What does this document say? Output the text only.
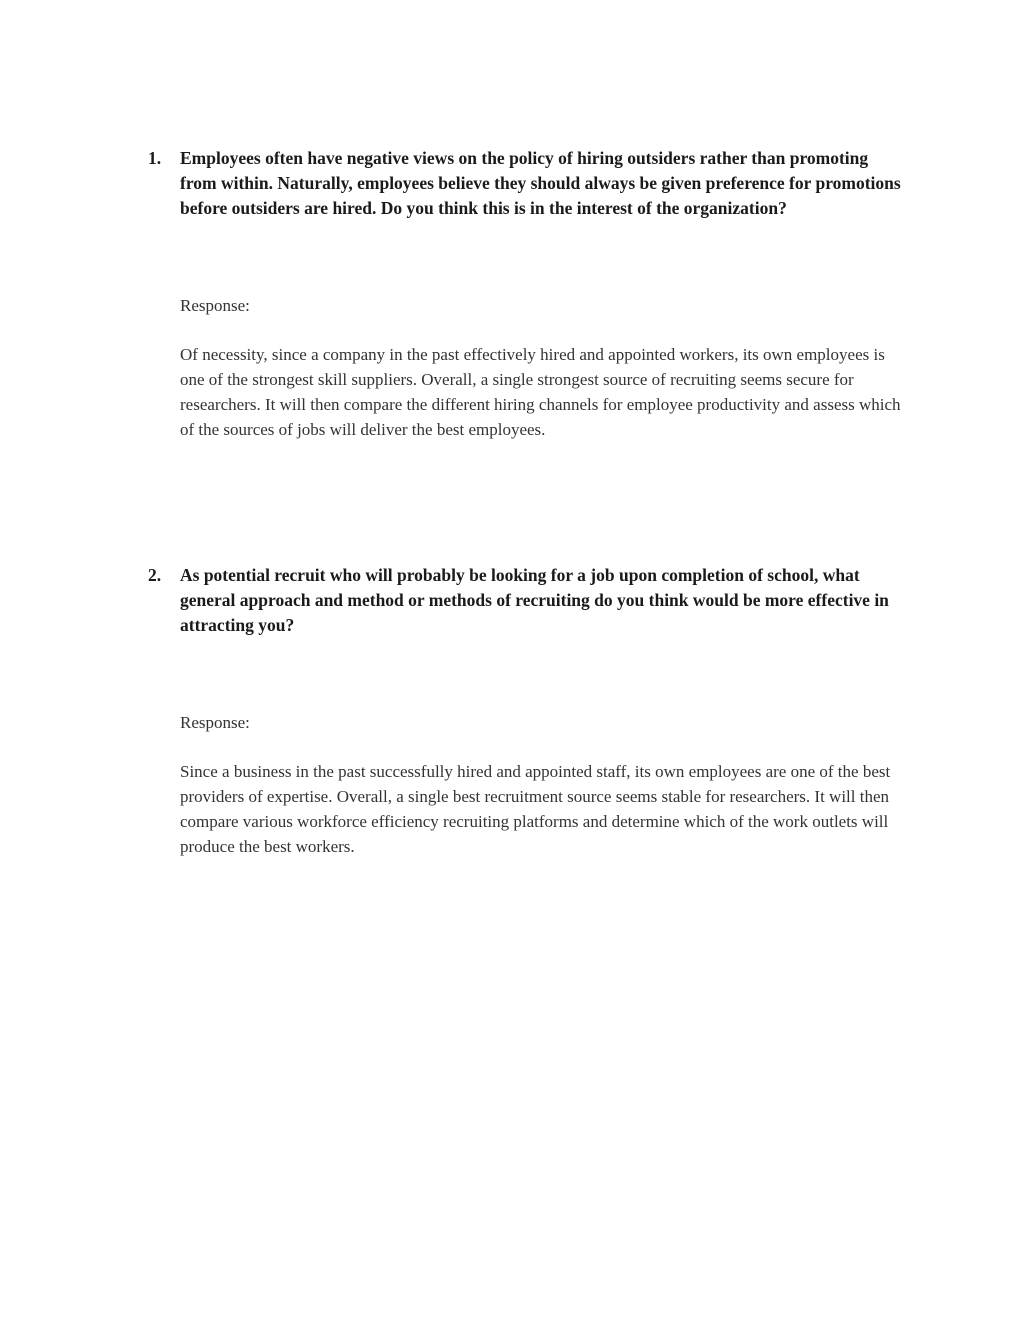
1.	Employees often have negative views on the policy of hiring outsiders rather than promoting from within. Naturally, employees believe they should always be given preference for promotions before outsiders are hired. Do you think this is in the interest of the organization?
Response:
Of necessity, since a company in the past effectively hired and appointed workers, its own employees is one of the strongest skill suppliers. Overall, a single strongest source of recruiting seems secure for researchers. It will then compare the different hiring channels for employee productivity and assess which of the sources of jobs will deliver the best employees.
2.	As potential recruit who will probably be looking for a job upon completion of school, what general approach and method or methods of recruiting do you think would be more effective in attracting you?
Response:
Since a business in the past successfully hired and appointed staff, its own employees are one of the best providers of expertise. Overall, a single best recruitment source seems stable for researchers. It will then compare various workforce efficiency recruiting platforms and determine which of the work outlets will produce the best workers.
